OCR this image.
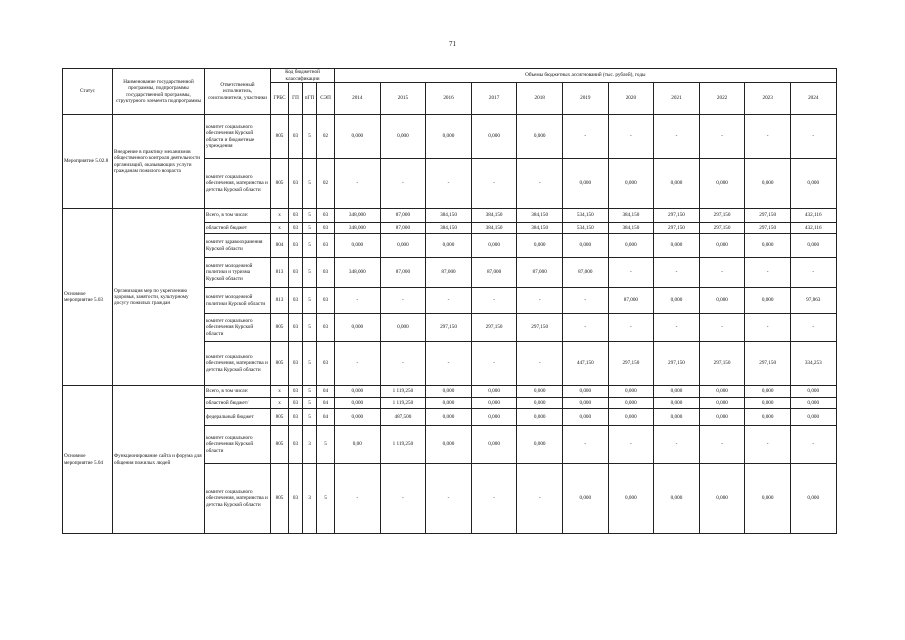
71
Статус	Наименование государственной программы, подпрограммы государственной программы, структурного элемента подпрограммы	Ответственный исполнитель, соисполнители, участники	Код бюджетной классификации				Объемы бюджетных ассигнований (тыс. рублей), годы										
			ГРБС	ГП	пГП	СЭП	2014	2015	2016	2017	2018	2019	2020	2021	2022	2023	2024
Мероприятие 5.02.8	Внедрение в практику механизмов общественного контроля деятельности организаций, оказывающих услуги гражданам пожилого возраста	комитет социального обеспечения Курской области и бюджетные учреждения	805	03	5	02	0,000	0,000	0,000	0,000	0,000	-	-	-	-	-	-
		комитет социального обеспечения, материнства и детства Курской области	805	03	5	02	-	-	-	-	-	0,000	0,000	0,000	0,000	0,000	0,000
Основное мероприятие 5.03	Организация мер по укреплению здоровья, занятости, культурному досугу пожилых граждан	Всего, в том числе:	х	03	5	03	348,000	87,000	384,150	384,150	384,150	534,150	384,150	297,150	297,150	297,150	432,116
		областной бюджет	х	03	5	03	348,000	87,000	384,150	384,150	384,150	534,150	384,150	297,150	297,150	297,150	432,116
		комитет здравоохранения Курской области	804	03	5	03	0,000	0,000	0,000	0,000	0,000	0,000	0,000	0,000	0,000	0,000	0,000
		комитет молодежной политики и туризма Курской области	813	03	5	03	348,000	87,000	87,000	87,000	87,000	87,000	-	-	-	-	-
		комитет молодежной политики Курской области	813	03	5	03	-	-	-	-	-	-	87,000	0,000	0,000	0,000	97,863
		комитет социального обеспечения Курской области	805	03	5	03	0,000	0,000	297,150	297,150	297,150	-	-	-	-	-	-
		комитет социального обеспечения, материнства и детства Курской области	805	03	5	03	-	-	-	-	-	447,150	297,150	297,150	297,150	297,150	334,253
Основное мероприятие 5.04	Функционирование сайта и форума для общения пожилых людей	Всего, в том числе:	х	03	5	04	0,000	1 119,250	0,000	0,000	0,000	0,000	0,000	0,000	0,000	0,000	0,000
		областной бюджет/	х	03	5	04	0,000	1 119,250	0,000	0,000	0,000	0,000	0,000	0,000	0,000	0,000	0,000
		федеральный бюджет	805	03	5	04	0,000	487,500	0,000	0,000	0,000	0,000	0,000	0,000	0,000	0,000	0,000
		комитет социального обеспечения Курской области	805	03	3	5	0,00	1 119,250	0,000	0,000	0,000	-	-	-	-	-	-
		комитет социального обеспечения, материнства и детства Курской области	805	03	3	5	-	-	-	-	-	0,000	0,000	0,000	0,000	0,000	0,000
